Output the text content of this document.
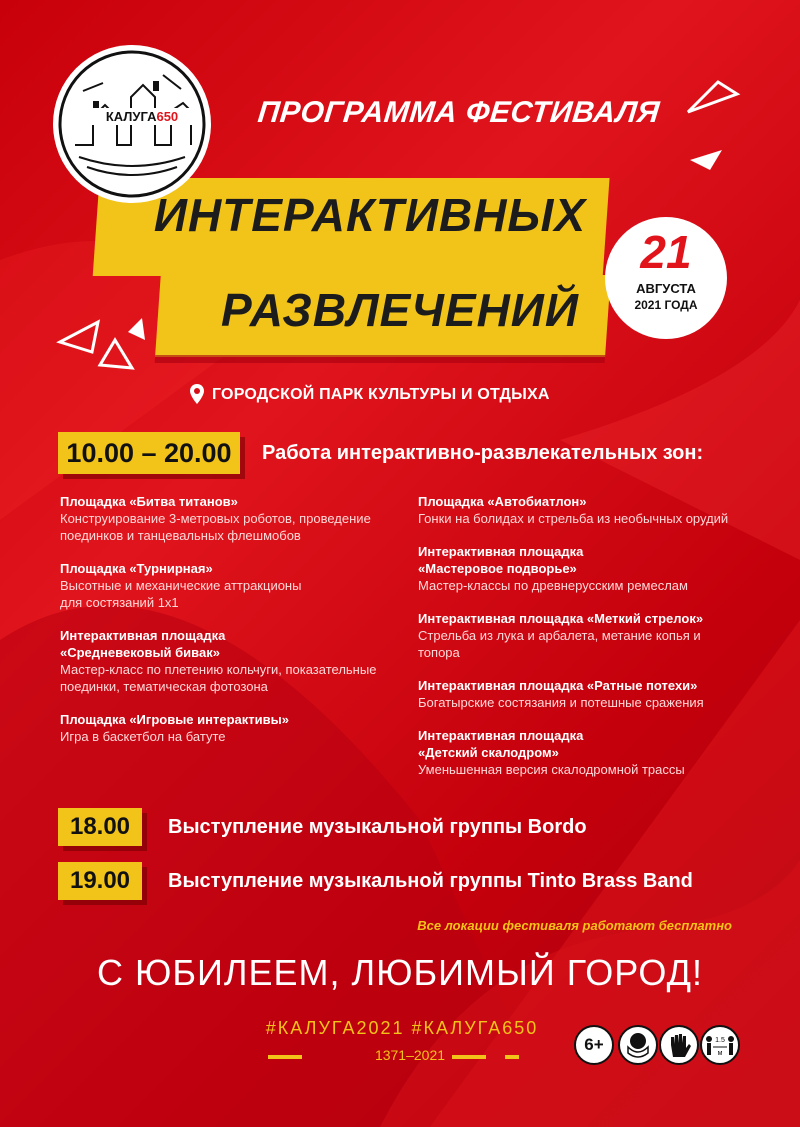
КАЛУГА650	ПРОГРАММА ФЕСТИВАЛЯ
ИНТЕРАКТИВНЫХ
РАЗВЛЕЧЕНИЙ
21
АВГУСТА
2021 ГОДА
ГОРОДСКОЙ ПАРК КУЛЬТУРЫ И ОТДЫХА
10.00 – 20.00	Работа интерактивно-развлекательных зон:
Площадка «Битва титанов»
Конструирование 3-метровых роботов, проведение поединков и танцевальных флешмобов
Площадка «Турнирная»
Высотные и механические аттракционы для состязаний 1х1
Интерактивная площадка «Средневековый бивак»
Мастер-класс по плетению кольчуги, показательные поединки, тематическая фотозона
Площадка «Игровые интерактивы»
Игра в баскетбол на батуте
Площадка «Автобиатлон»
Гонки на болидах и стрельба из необычных орудий
Интерактивная площадка «Мастеровое подворье»
Мастер-классы по древнерусским ремеслам
Интерактивная площадка «Меткий стрелок»
Стрельба из лука и арбалета, метание копья и топора
Интерактивная площадка «Ратные потехи»
Богатырские состязания и потешные сражения
Интерактивная площадка «Детский скалодром»
Уменьшенная версия скалодромной трассы
18.00	Выступление музыкальной группы Bordo
19.00	Выступление музыкальной группы Tinto Brass Band
Все локации фестиваля работают бесплатно
С ЮБИЛЕЕМ, ЛЮБИМЫЙ ГОРОД!
#КАЛУГА2021 #КАЛУГА650
1371–2021
6+	1.5
м
